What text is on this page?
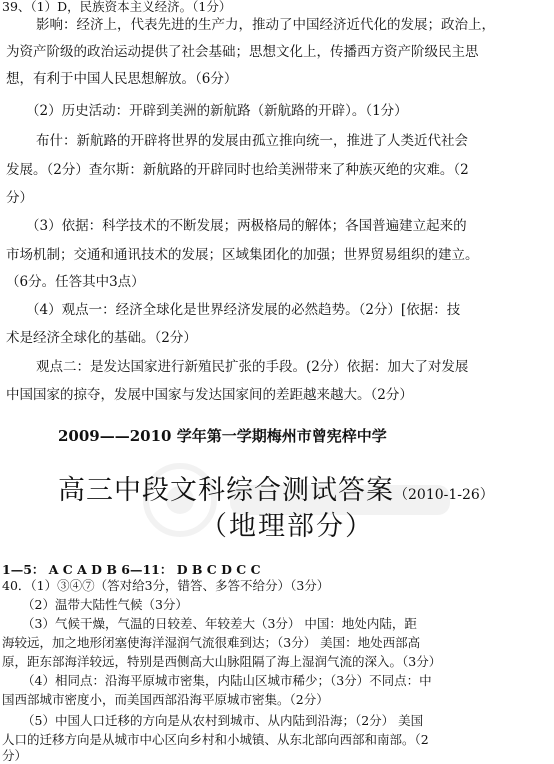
39、（1）D，民族资本主义经济。（1分）
影响：经济上，代表先进的生产力，推动了中国经济近代化的发展；政治上，
为资产阶级的政治运动提供了社会基础；思想文化上，传播西方资产阶级民主思
想，有利于中国人民思想解放。（6分）
（2）历史活动：开辟到美洲的新航路（新航路的开辟）。（1分）
布什：新航路的开辟将世界的发展由孤立推向统一，推进了人类近代社会
发展。（2分）查尔斯：新航路的开辟同时也给美洲带来了种族灭绝的灾难。（2
分）
（3）依据：科学技术的不断发展；两极格局的解体；各国普遍建立起来的
市场机制；交通和通讯技术的发展；区域集团化的加强；世界贸易组织的建立。
（6分。任答其中3点）
（4）观点一：经济全球化是世界经济发展的必然趋势。（2分）[依据：技
术是经济全球化的基础。（2分）
观点二：是发达国家进行新殖民扩张的手段。(2分）依据：加大了对发展
中国国家的掠夺，发展中国家与发达国家间的差距越来越大。（2分）
2009——2010 学年第一学期梅州市曾宪梓中学
高三中段文科综合测试答案（2010-1-26）
（地理部分）
1—5： A C A D B 6—11： D B C D C C
40．（1）③④⑦（答对给3分，错答、多答不给分）（3分）
（2）温带大陆性气候（3分）
（3）气候干燥，气温的日较差、年较差大（3分） 中国：地处内陆，距
海较远，加之地形闭塞使海洋湿润气流很难到达；（3分） 美国：地处西部高
原，距东部海洋较远，特别是西侧高大山脉阻隔了海上湿润气流的深入。（3分）
（4）相同点：沿海平原城市密集，内陆山区城市稀少；（3分）不同点：中
国西部城市密度小，而美国西部沿海平原城市密集。（2分）
（5）中国人口迁移的方向是从农村到城市、从内陆到沿海；（2分） 美国
人口的迁移方向是从城市中心区向乡村和小城镇、从东北部向西部和南部。（2
分）
